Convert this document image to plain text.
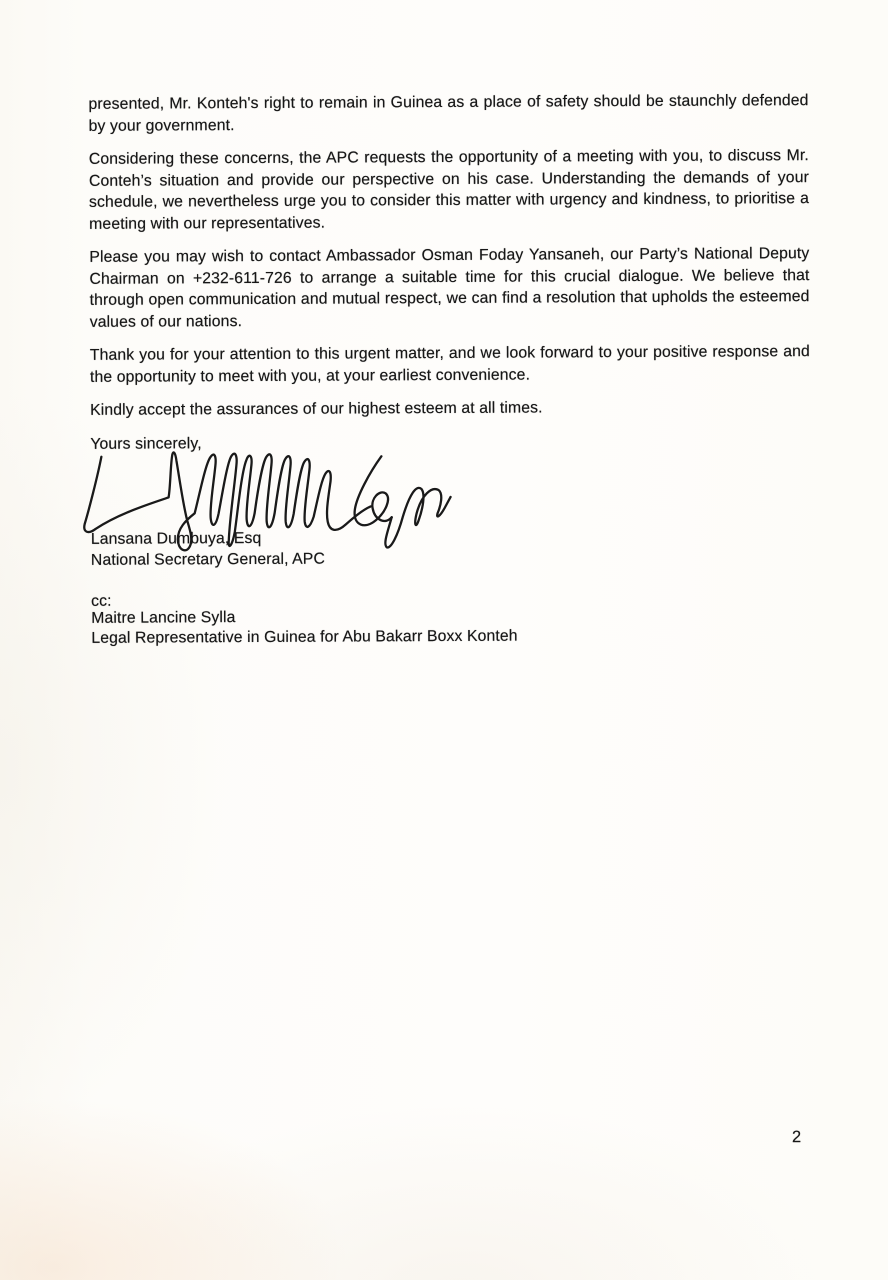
presented, Mr. Konteh's right to remain in Guinea as a place of safety should be staunchly defended by your government.

Considering these concerns, the APC requests the opportunity of a meeting with you, to discuss Mr. Conteh’s situation and provide our perspective on his case. Understanding the demands of your schedule, we nevertheless urge you to consider this matter with urgency and kindness, to prioritise a meeting with our representatives.

Please you may wish to contact Ambassador Osman Foday Yansaneh, our Party’s National Deputy Chairman on +232-611-726 to arrange a suitable time for this crucial dialogue. We believe that through open communication and mutual respect, we can find a resolution that upholds the esteemed values of our nations.

Thank you for your attention to this urgent matter, and we look forward to your positive response and the opportunity to meet with you, at your earliest convenience.

Kindly accept the assurances of our highest esteem at all times.

Yours sincerely,

Lansana Dumbuya, Esq
National Secretary General, APC
cc:
Maitre Lancine Sylla
Legal Representative in Guinea for Abu Bakarr Boxx Konteh
2
